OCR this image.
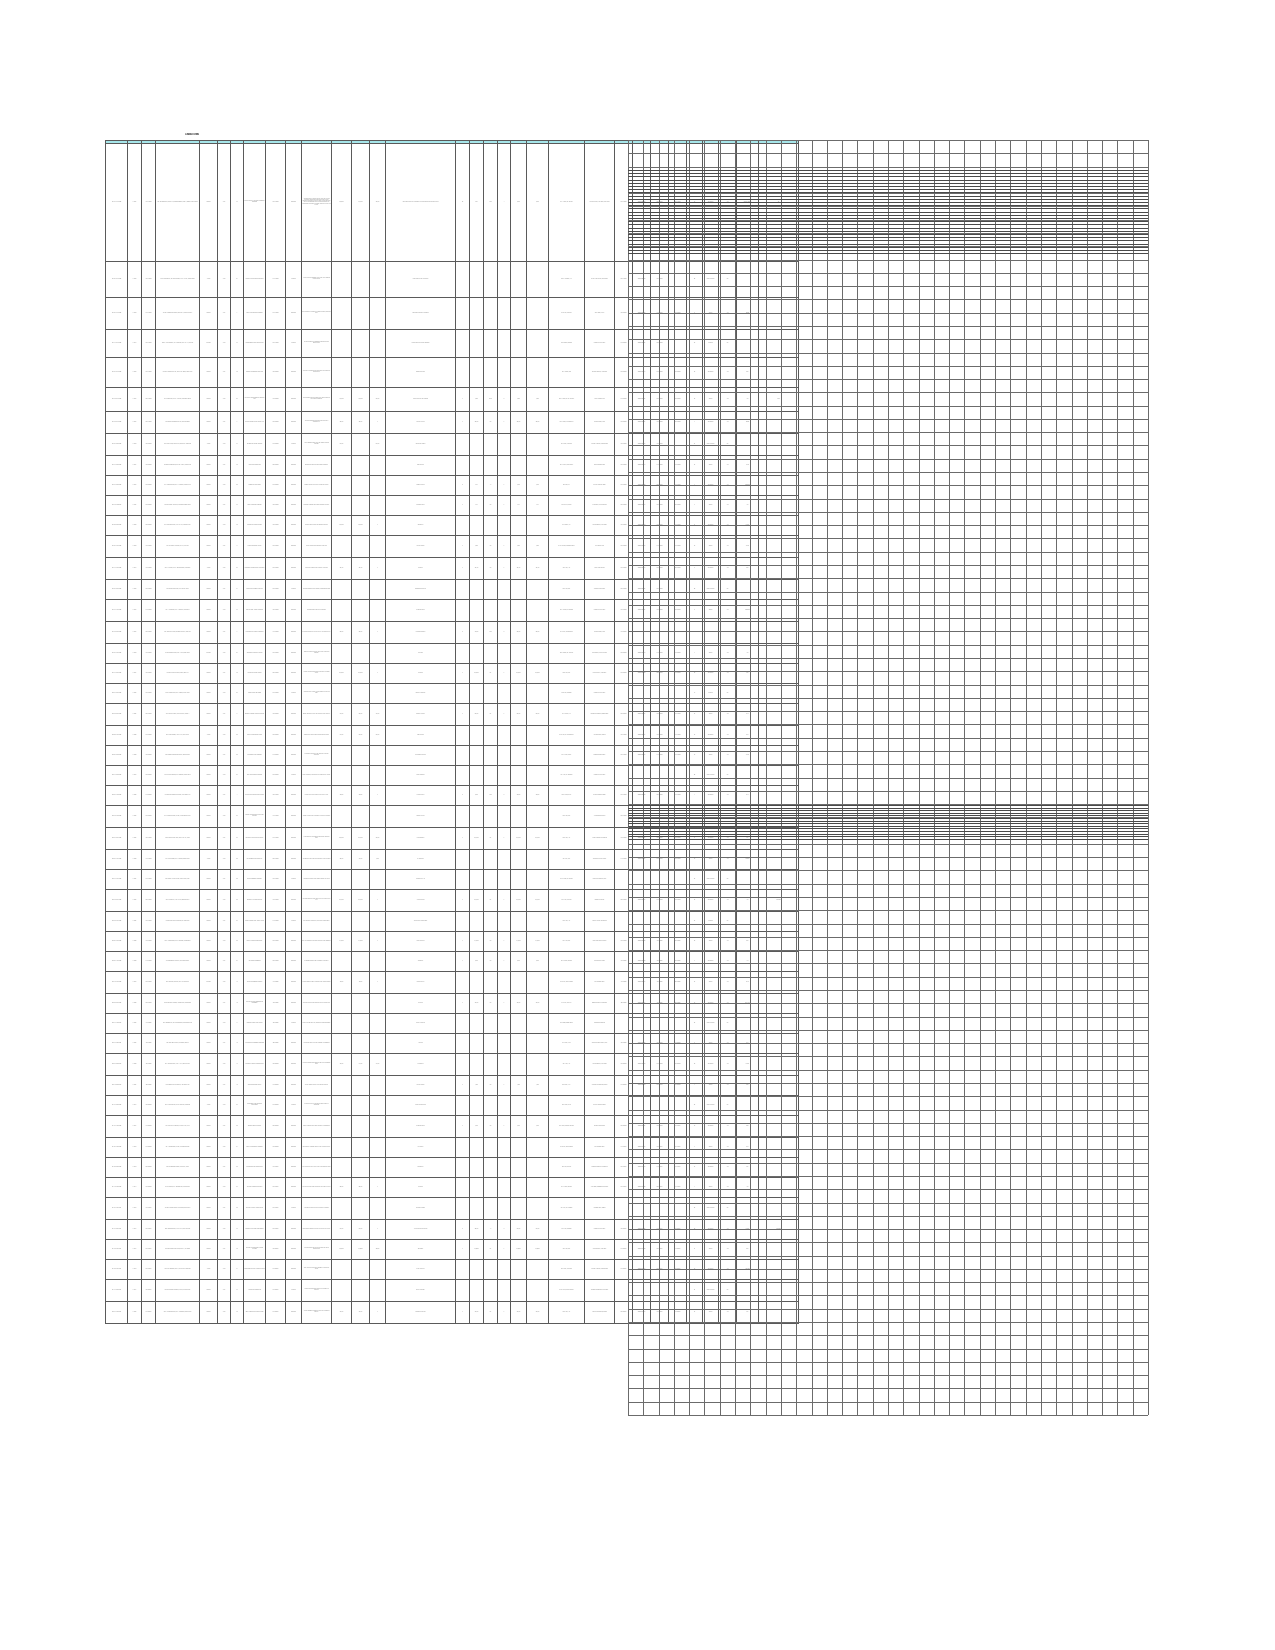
ANNEXURE
Sl. No. / Date	File No.	Date of Receipt	Name & Address of the Applicant / Party	Type of Case	Act	Sec.	Nature of Relief Sought	Date of Hearing	Status	Brief Description of the Case / Subject Matter	Amount Claimed	Amount Sanctioned	Balance	Remarks / Orders Passed	Qty	Rate	Unit	No.	Value (Rs.)	Total Amount	Name of the Officer / Authority Concerned	Designation & Office Address	Date of Order	Order No.	Date of Issue	Disposal Date	Pending Days	Action Taken	Compliance Status	Verified By	Additional Remarks / Observations
Sl 01 / 01.04.2023	F-1001	01.04.2023	M/s ABC Enterprises, Plot No. 12, Industrial Estate, Phase-I, District Head Quarters	Original	Act-1	11	Grant of Licence / Renewal Registration Certificate	15.04.2023	Disposed	Application filed for grant of licence under the relevant provisions. Documents verified and found in order. Inspection conducted by the field officer on the scheduled date. Report submitted to the competent authority for consideration and further necessary action as per the rules in force.	1,25,000	1,10,000	15,000	Order issued after due verification of documents and site inspection report	12	250	Nos	4	3,000	3,000	Sri A. Kumar, Dy. Director	O/o the Director, Head Office, Main Road	20.04.2023	ORD/2023/112	22.04.2023	25.04.2023	10	Completed	Yes	Section Officer	Nil
Sl 02 / 05.04.2023	F-1002	05.04.2023	Sri R. Srinivasa Rao, S/o Late Ramaiah, H.No. 4-22-19, Gandhi Nagar	Appeal	Act-2	24	Refund of excess amount collected	19.04.2023	Pending	Appeal preferred against the order of the lower authority seeking refund.				Notice issued to the respondent							Smt. K. Lakshmi, A.D.	O/o the Asst. Director, Zonal Office	28.04.2023	ORD/2023/118	30.04.2023		25	Under Process	No		
Sl 03 / 10.04.2023	F-1003	10.04.2023	M/s Sri Venkateswara Traders, Shop No. 8, Market Complex	Original	Act-1	9	Issue of No Objection Certificate	24.04.2023	Disposed	NOC sought for expansion of existing premises; inspection done.				NOC issued subject to conditions							Sri M. Rao, Inspector	Circle Office, Unit-II	02.05.2023	ORD/2023/126	04.05.2023	06.05.2023	8	Closed	Yes	Supdt.	
Sl 04 / 12.04.2023	F-1004	12.04.2023	Smt. P. Vijaya Lakshmi, W/o P. Ramesh, D.No. 19-4-7, Old Town	Revision	Act-3	17	Regularisation of the occupied land	26.04.2023	Pending	Revision petition filed against the assessment order passed earlier.				Records called for from the Tahsildar							Sri B. Naidu, Tahsildar	Mandal Revenue Office	10.05.2023	ORD/2023/131	12.05.2023		30	Pending	No		
Sl 05 / 18.04.2023	F-1005	18.04.2023	M/s Sree Industries Pvt. Ltd., Survey No. 233/2, Village Road	Original	Act-1	13	Sanction of additional power load	02.05.2023	Disposed	Request for enhancement of connected load considered and approved.				Sanction accorded							Sri K. Prasad, E.E.	Operation Division, Head Office	15.05.2023	ORD/2023/140	17.05.2023	20.05.2023	12	Completed	Yes	D.E.	
Sl 06 / 22.04.2023	F-1006	22.04.2023	Sri G. Subba Rao, S/o G. Appa Rao, Main Bazar Street	Original	Act-2	21	Payment of compensation for acquired land	06.05.2023	Disposed	Compensation claim processed as per award passed by the competent authority.	4,50,000	4,20,000	30,000	Cheque issued to the claimant	6	1,200	Sq.m	2	7,200	7,200	Sri D. Anand, Spl. Dy. Collector	Land Acquisition Unit	24.05.2023	ORD/2023/151	26.05.2023	28.05.2023	15	Closed	Yes	A.O.	Paid
Sl 07 / 28.04.2023	F-1007	28.04.2023	M/s Lakshmi Ganapathi Rice Mill, Near Bus Stand	Original	Act-1	7	Renewal of trade licence for the year	12.05.2023	Disposed	Renewal application processed after payment of prescribed fee.	25,000	25,000	0	Licence renewed	1	25,000	No	1	25,000	25,000	Sri T. Murthy, Commissioner	Municipal Office, Town	30.05.2023	ORD/2023/159	01.06.2023	03.06.2023	9	Completed	Yes	Supdt.	
Sl 08 / 02.05.2023	F-1008	02.05.2023	Sri N. Ravi Kumar, Flat No. 302, Residency Apartments	Appeal	Act-3	19	Set aside the penalty imposed	16.05.2023	Pending	Appeal against penalty order; stay granted pending disposal.	50,000		50,000	Interim stay granted							Sri S. Rao, Jt. Director	Appellate Authority, Regional Office	05.06.2023	ORD/2023/166	07.06.2023		34	Under Process	No		
Sl 09 / 08.05.2023	F-1009	08.05.2023	M/s Balaji Constructions, Door No. 5-11-3, Market Road	Original	Act-1	15	Approval of building plan	22.05.2023	Disposed	Building plan approved with setback conditions.				Plan approved							Sri V. Reddy, Town Planner	Town Planning Section	12.06.2023	ORD/2023/174	14.06.2023	16.06.2023	11	Closed	Yes	T.P.S.	
Sl 10 / 15.05.2023	F-1010	15.05.2023	Sri Y. Satyanarayana, S/o Y. Venkanna, Village & Post	Original	Act-2	23	Mutation of land records	29.05.2023	Disposed	Mutation effected in revenue records after enquiry.				Mutation ordered	2	500	Ac	1	1,000	1,000	Sri P. Rao, R.I.	Revenue Inspector Office	20.06.2023	ORD/2023/182	22.06.2023	24.06.2023	7	Completed	Yes	Tahsildar	
Sl 11 / 20.05.2023	F-1011	20.05.2023	M/s Sai Krishna Agencies, Near Railway Station Road	Original	Act-1	10	Issue of duplicate certificate	03.06.2023	Disposed	Duplicate certificate issued after publication of notice.				Duplicate issued	1	100	No	1	100	100	Smt. R. Devi, Supdt.	Head Office, Records Section	28.06.2023	ORD/2023/190	30.06.2023	02.07.2023	6	Closed	Yes	A.O.	
Sl 12 / 25.05.2023	F-1012	25.05.2023	Sri K. Nageswara Rao, H.No. 2-8-14, Teachers Colony	Original	Act-3	12	Sanction of pension benefits	08.06.2023	Disposed	Pension papers verified and sanction accorded.	1,80,000	1,80,000	0	Sanctioned							Sri L. Babu, A.O.	Accounts Branch, Head Office	05.07.2023	ORD/2023/198	07.07.2023	09.07.2023	14	Completed	Yes	D.D.O.	
Sl 13 / 01.06.2023	F-1013	01.06.2023	M/s Vijaya Dairy Products, Plot 44, Food Park	Original	Act-1	8	Grant of food safety licence	15.06.2023	Disposed	Licence granted after inspection of the unit.				Licence granted	1	7,500	No	1	7,500	7,500	Dr. S. Kumari, Designated Officer	Food Safety Wing	12.07.2023	ORD/2023/206	14.07.2023	16.07.2023	10	Closed	Yes	F.S.O.	
Sl 14 / 07.06.2023	F-1014	07.06.2023	Sri M. Appa Rao, S/o M. Seetharamaiah, Agraharam	Appeal	Act-2	27	Restoration of water supply connection	21.06.2023	Disposed	Connection restored after clearance of arrears.	12,400	12,400	0	Restored	1	12,400	No	1	12,400	12,400	Sri J. Rao, A.E.	Water Works Section	18.07.2023	ORD/2023/214	20.07.2023	22.07.2023	8	Completed	Yes	D.E.	
Sl 15 / 13.06.2023	F-1015	13.06.2023	M/s Gayatri Cotton Mills, NH-16 Service Road	Original	Act-1	14	Consent for operation of the unit	27.06.2023	Pending	Consent application under scrutiny; clarifications sought.				Clarifications called for							Sri C. Rao, E.E.	Pollution Control Office	25.07.2023	ORD/2023/221	27.07.2023		28	Under Process	No		
Sl 16 / 19.06.2023	F-1016	19.06.2023	Sri A. Venkata Rao, S/o A. Narayana, Peta Street	Original	Act-3	16	Issue of caste / income certificate	03.07.2023	Disposed	Certificate issued after field verification.				Certificate issued							Sri H. Kumar, Dy. Tahsildar	Mandal Revenue Office	30.07.2023	ORD/2023/229	01.08.2023	03.08.2023	5	Closed	Yes	Tahsildar	
Sl 17 / 25.06.2023	F-1017	25.06.2023	M/s Annapurna Hotels, Bus Stand Complex, First Floor	Original	Act-1	6	Permission for erection of hoarding	09.07.2023	Disposed	Permission granted for a period of one year subject to fee.	35,000	35,000	0	Permission granted	2	17,500	Nos	2	35,000	35,000	Sri U. Rao, Commissioner	Municipal Office, Town	06.08.2023	ORD/2023/237	08.08.2023	10.08.2023	12	Completed	Yes	M.E.	
Sl 18 / 01.07.2023	F-1018	01.07.2023	Sri B. Sambasiva Rao, D.No. 7-19-2, Bridge Road	Revision	Act-2	29	Correction of entries in records	15.07.2023	Disposed	Entries corrected as per the orders of the competent authority.				Corrected							Sri R. Prasad, Dy. Collector	Collectorate, Revenue Section	12.08.2023	ORD/2023/245	14.08.2023	16.08.2023	9	Closed	Yes	A.O.	
Sl 19 / 08.07.2023	F-1019	08.07.2023	M/s Surya Power Systems, Unit-3, SEZ Area	Original	Act-1	18	Release of security deposit	22.07.2023	Disposed	Security deposit released after completion of contract period.	2,75,000	2,75,000	0	Released	1	2,75,000	LS	1	2,75,000	2,75,000	Sri N. Rao, S.E.	Projects Circle, Head Office	20.08.2023	ORD/2023/253	22.08.2023	24.08.2023	13	Completed	Yes	C.E.	
Sl 20 / 15.07.2023	F-1020	15.07.2023	Sri D. Prasada Rao, S/o D. Kotaiah, Colony Road	Original	Act-3	20	Grant of house site pattta	29.07.2023	Pending	Application under enquiry; report awaited from the field staff.				Enquiry in progress							Sri E. Rao, Tahsildar	Mandal Revenue Office					40	Pending	No		
Sl 21 / 22.07.2023	F-1021	22.07.2023	M/s Hari Om Textiles, Weavers Colony, Phase-II	Original	Act-1	5	Sanction of subsidy under the scheme	05.08.2023	Disposed	Subsidy sanctioned as per the guidelines of the scheme.	95,000	85,000	10,000	Subsidy released	1	85,000	LS	1	85,000	85,000	Sri F. Kumar, A.D.	Industries Department, District Office	28.08.2023	ORD/2023/261	30.08.2023	01.09.2023	11	Closed	Yes	G.M.	
Sl 22 / 29.07.2023	F-1022	29.07.2023	Sri T. Ramesh Babu, H.No. 11-2-9, New Colony	Appeal	Act-2	25	Waiver of interest and penalty	12.08.2023	Disposed	Partial waiver allowed after hearing both the parties.	60,000	30,000	30,000	Partly allowed							Sri W. Rao, Jt. Commissioner	Appellate Office, Division	05.09.2023	ORD/2023/269	07.09.2023	09.09.2023	16	Completed	Yes	D.C.	
Sl 23 / 05.08.2023	F-1023	05.08.2023	M/s Chaitanya Educational Society, Campus Road	Original	Act-1	22	Recognition of the institution	19.08.2023	Disposed	Recognition accorded for the academic year after inspection.				Recognition accorded							Sri X. Reddy, D.E.O.	District Education Office	12.09.2023	ORD/2023/277	14.09.2023	16.09.2023	10	Closed	Yes	R.J.D.	
Sl 24 / 12.08.2023	F-1024	12.08.2023	Sri P. Gopala Krishna, S/o P. Subbaiah, Temple Street	Original	Act-3	26	Issue of succession certificate	26.08.2023	Pending	Notice published; objections if any awaited before orders.				Notice published							Sri Y. Rao, Dy. Tahsildar	Mandal Revenue Office					32	Under Process	No		
Sl 25 / 19.08.2023	F-1025	19.08.2023	M/s Narayana Transport Company, Lorry Stand Area	Original	Act-1	4	Renewal of permit for goods vehicles	02.09.2023	Disposed	Permit renewed for a further period of five years.	18,500	18,500	0	Permit renewed	5	3,700	Nos	5	18,500	18,500	Sri Z. Kumar, R.T.O.	Regional Transport Office	20.09.2023	ORD/2023/285	22.09.2023	24.09.2023	9	Completed	Yes	M.V.I.	
Sl 26 / 26.08.2023	F-1026	26.08.2023	Sri L. Chandra Sekhar, Plot 27, Housing Board Colony	Original	Act-2	30	Transfer of allotment in favour of the legal heir	09.09.2023	Disposed	Transfer effected after verification of legal heir certificate.				Transfer ordered							Sri Q. Rao, E.E.	Housing Board Division	28.09.2023	ORD/2023/293	30.09.2023	02.10.2023	8	Closed	Yes	A.O.	
Sl 27 / 02.09.2023	F-1027	02.09.2023	M/s Sri Rama Poultry Farm, Survey No. 88, Village	Original	Act-1	31	Sanction of loan under the scheme	16.09.2023	Disposed	Loan sanctioned and disbursed through the financing bank.	3,20,000	3,00,000	20,000	Loan disbursed	1	3,00,000	LS	1	3,00,000	3,00,000	Sri O. Rao, A.D.	Animal Husbandry Department	06.10.2023	ORD/2023/301	08.10.2023	10.10.2023	14	Completed	Yes	J.D.	
Sl 28 / 09.09.2023	F-1028	09.09.2023	Sri V. Suresh Babu, S/o V. Ramana, Station Road	Appeal	Act-3	28	Re-assessment of property tax	23.09.2023	Disposed	Assessment revised after spot inspection of the premises.	22,000	16,000	6,000	Re-assessed							Sri I. Rao, R.O.	Municipal Revenue Section	14.10.2023	ORD/2023/309	16.10.2023	18.10.2023	10	Closed	Yes	Commr.	
Sl 29 / 16.09.2023	F-1029	16.09.2023	M/s Krishna Veni Sea Foods, Harbour Road, Unit-I	Original	Act-1	33	Export registration certificate	30.09.2023	Pending	Application forwarded to the higher authority for orders.				Forwarded to H.O.							Sri U. Kumar, Dy. Director	Fisheries Department, Zone					36	Under Process	No		
Sl 30 / 23.09.2023	F-1030	23.09.2023	Sri S. Mohan Rao, H.No. 3-5-21, Brahmin Street	Original	Act-2	35	Sanction of ex-gratia payment	07.10.2023	Disposed	Ex-gratia sanctioned to the family of the deceased as per G.O.	5,00,000	5,00,000	0	Amount credited	1	5,00,000	LS	1	5,00,000	5,00,000	Sri K. Rao, Collector	District Collectorate	22.10.2023	ORD/2023/317	24.10.2023	26.10.2023	12	Completed	Yes	A.O.	Credited
Sl 31 / 30.09.2023	F-1031	30.09.2023	M/s Sri Durga Cement Products, Bye-pass Road	Original	Act-1	36	Grant of mining lease / quarry permit	14.10.2023	Pending	Site inspection completed; report under consideration.				Report under consideration							Sri G. Rao, A.D.	Mines & Geology Department					29	Pending	No		
Sl 32 / 07.10.2023	F-1032	07.10.2023	Sri C. Venkateswarlu, S/o C. Ramaiah, Harijanawada	Original	Act-3	38	Supply of drinking water facility	21.10.2023	Disposed	Bore well sanctioned and work completed in the habitation.	1,45,000	1,45,000	0	Work completed	1	1,45,000	No	1	1,45,000	1,45,000	Sri H. Rao, E.E.	Rural Water Supply Division	30.10.2023	ORD/2023/325	01.11.2023	03.11.2023	13	Closed	Yes	S.E.	
Sl 33 / 14.10.2023	F-1033	14.10.2023	M/s Mahalakshmi Jewellers, Gold Market Street	Original	Act-1	39	Hall marking registration	28.10.2023	Disposed	Registration granted after verification of premises.				Registered	1	2,000	No	1	2,000	2,000	Sri J. Kumar, Inspector	Legal Metrology Office	06.11.2023	ORD/2023/333	08.11.2023	10.11.2023	7	Completed	Yes	A.C.	
Sl 34 / 21.10.2023	F-1034	21.10.2023	Sri N. Srinivas, Flat 12-B, Lake View Residency	Revision	Act-2	41	Refund of registration charges	04.11.2023	Disposed	Refund sanctioned after verification of the original challan.	42,500	42,500	0	Refund ordered							Sri M. Rao, Sub-Registrar	Sub-Registrar Office	14.11.2023	ORD/2023/341	16.11.2023	18.11.2023	11	Closed	Yes	D.I.G.	
Sl 35 / 28.10.2023	F-1035	28.10.2023	M/s Sri Sai Ram Hospitals, Hospital Road, Main Branch	Original	Act-1	42	Renewal of clinical establishment registration	11.11.2023	Disposed	Renewal accorded after inspection by the medical team.				Renewed	1	15,000	No	1	15,000	15,000	Dr. P. Rao, D.M.H.O.	District Medical & Health Office	22.11.2023	ORD/2023/349	24.11.2023	26.11.2023	10	Completed	Yes	D.C.H.S.	
Sl 36 / 04.11.2023	F-1036	04.11.2023	Sri R. Bhaskar Rao, S/o R. Narasimham, Rythu Bazar Road	Original	Act-3	44	Allotment of shop in the complex	18.11.2023	Pending	Tender process under way; allotment pending finalisation.				Tender in process							Sri S. Babu, Estate Officer	Marketing Department					26	Under Process	No		
Sl 37 / 11.11.2023	F-1037	11.11.2023	M/s Vasavi Steel Traders, Iron Bazar, Shop 21	Original	Act-1	45	Amendment of registration particulars	25.11.2023	Disposed	Amendment carried out in the certificate of registration.				Amended							Sri T. Rao, C.T.O.	Commercial Taxes Office, Circle	30.11.2023	ORD/2023/357	02.12.2023	04.12.2023	8	Closed	Yes	D.C.	
Sl 38 / 18.11.2023	F-1038	18.11.2023	Sri K. Sudhakar Rao, H.No. 9-14-6, Officers Colony	Original	Act-2	47	Sanction of medical reimbursement	02.12.2023	Disposed	Medical reimbursement sanctioned as per the admissible rates.	78,000	64,000	14,000	Reimbursed							Sri V. Rao, A.O.	Accounts Branch, Head Office	08.12.2023	ORD/2023/365	10.12.2023	12.12.2023	12	Completed	Yes	D.D.O.	
Sl 39 / 25.11.2023	F-1039	25.11.2023	M/s Pragati Seeds & Fertilizers, Agri Market Yard	Original	Act-1	48	Grant of dealership licence	09.12.2023	Disposed	Licence granted for sale of seeds and fertilizers.				Licence granted	1	4,500	No	1	4,500	4,500	Sri B. Rao, A.D.A.	Agriculture Department, Division	16.12.2023	ORD/2023/373	18.12.2023	20.12.2023	9	Closed	Yes	J.D.A.	
Sl 40 / 02.12.2023	F-1040	02.12.2023	Sri M. Koteswara Rao, S/o M. Narayana, Kothapeta	Appeal	Act-3	50	Cancellation of the impugned proceedings	16.12.2023	Pending	Counter filed by the respondent; matter posted for arguments.				Posted for arguments							Sri N. Rao, R.D.O.	Revenue Divisional Office					31	Under Process	No		
Sl 41 / 09.12.2023	F-1041	09.12.2023	M/s Anjaneya Cold Storage, Godown Area, Plot 5	Original	Act-1	52	Electrical safety clearance	23.12.2023	Disposed	Safety certificate issued after inspection of installations.				Certificate issued	1	6,000	No	1	6,000	6,000	Sri P. Rao, Electrical Inspector	Electrical Inspectorate	28.12.2023	ORD/2023/381	30.12.2023	01.01.2024	10	Completed	Yes	C.E.I.	
Sl 42 / 16.12.2023	F-1042	16.12.2023	Sri A. Ramakrishna, Plot 63, Vivekananda Nagar	Original	Act-2	54	Issue of encumbrance certificate	30.12.2023	Disposed	Encumbrance certificate issued for the requested period.				E.C. issued							Sri D. Rao, Sub-Registrar	Sub-Registrar Office	04.01.2024	ORD/2024/006	06.01.2024	08.01.2024	6	Closed	Yes	D.R.	
Sl 43 / 23.12.2023	F-1043	23.12.2023	M/s Jaya Bharathi Printers, Press Lane, Unit-2	Original	Act-1	55	Empanelment for printing works	06.01.2024	Disposed	Firm empanelled for a period of two years subject to rates.				Empanelled							Sri F. Rao, Director	Printing & Stationery Department	12.01.2024	ORD/2024/014	14.01.2024	16.01.2024	11	Completed	Yes	J.D.	
Sl 44 / 30.12.2023	F-1044	30.12.2023	Sri G. Prasad, S/o G. Seshagiri Rao, Gandhi Road	Original	Act-3	57	Release of withheld increment	13.01.2024	Disposed	Increment released with retrospective effect as per orders.	32,000	32,000	0	Released							Sri H. Kumar, Director	Head Office, Establishment Section	20.01.2024	ORD/2024/022	22.01.2024	24.01.2024	9	Closed	Yes	A.O.	
Sl 45 / 06.01.2024	F-1045	06.01.2024	M/s Sree Lakshmi Finance Corporation, Bank Street	Original	Act-1	58	Renewal of money lending licence	20.01.2024	Pending	Application pending for want of clearance certificate.				Clearance awaited							Sri I. Rao, Dy. Registrar	Registrar Office, District					27	Under Process	No		
Sl 46 / 13.01.2024	F-1046	13.01.2024	Sri B. Nageswara Rao, H.No. 6-3-11, Rice Mill Road	Original	Act-2	60	Sanction of crop loss compensation	27.01.2024	Disposed	Input subsidy sanctioned for the crop loss due to cyclone.	68,000	68,000	0	Amount credited to account	3	22,666	Ac	3	68,000	68,000	Sri K. Rao, Tahsildar	Mandal Revenue Office	02.02.2024	ORD/2024/030	04.02.2024	06.02.2024	13	Completed	Yes	R.D.O.	Credited
Sl 47 / 20.01.2024	F-1047	20.01.2024	M/s United Engineering Works, Shed 9, Auto Nagar	Original	Act-1	62	Release of pending bills for works executed	03.02.2024	Disposed	Final bill passed and payment released after check measurement.	6,85,000	6,72,500	12,500	Bill passed	1	6,72,500	LS	1	6,72,500	6,72,500	Sri L. Rao, E.E.	Works Division, Head Office	10.02.2024	ORD/2024/038	12.02.2024	14.02.2024	14	Closed	Yes	S.E.	
Sl 48 / 27.01.2024	F-1048	27.01.2024	Sri P. Ravi Shankar, Flat 7-C, Green Park Apartments	Appeal	Act-3	64	Condonation of delay in filing the appeal	10.02.2024	Disposed	Delay condoned and appeal admitted for hearing on merits.				Delay condoned							Sri M. Rao, Jt. Director	Appellate Authority, Regional Office	16.02.2024	ORD/2024/046	18.02.2024	20.02.2024	10	Completed	Yes	Addl. Dir.	
Sl 49 / 03.02.2024	F-1049	03.02.2024	M/s Siri Packaging Industries, Plot 18, Growth Centre	Original	Act-1	66	Allotment of industrial plot	17.02.2024	Pending	Allotment proposal placed before the committee for approval.				Before committee							Sri N. Kumar, Zonal Manager	Industrial Infrastructure Corporation					24	Under Process	No		
Sl 50 / 10.02.2024	F-1050	10.02.2024	Sri T. Venkata Ramana, S/o T. Appalanaidu, Beach Road	Original	Act-2	68	Issue of fishermen welfare benefits	24.02.2024	Disposed	Welfare assistance sanctioned under the department scheme.	20,000	20,000	0	Sanctioned and paid	1	20,000	LS	1	20,000	20,000	Sri O. Rao, A.D.	Fisheries Department, District	28.02.2024	ORD/2024/054	01.03.2024	04.03.2024	11	Closed	Yes	J.D.	
